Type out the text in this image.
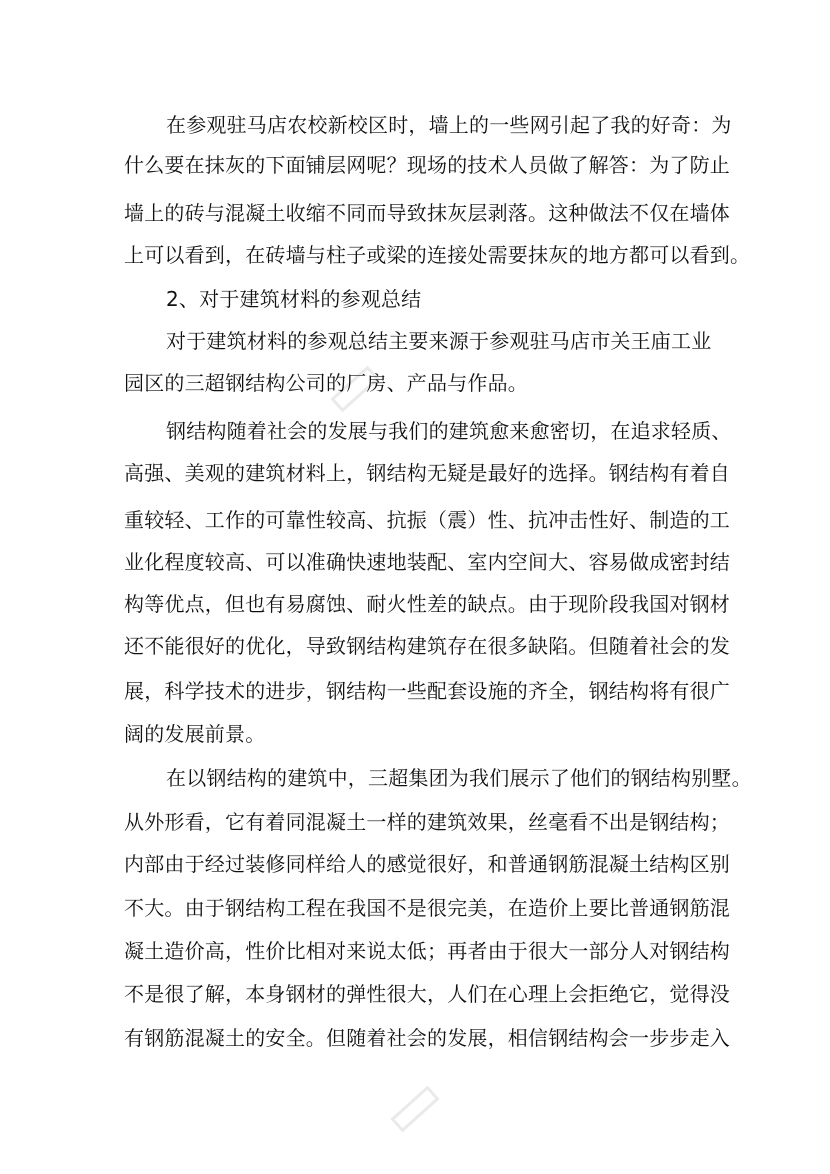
在参观驻马店农校新校区时，墙上的一些网引起了我的好奇：为
什么要在抹灰的下面铺层网呢？现场的技术人员做了解答：为了防止
墙上的砖与混凝土收缩不同而导致抹灰层剥落。这种做法不仅在墙体
上可以看到，在砖墙与柱子或梁的连接处需要抹灰的地方都可以看到。
2、对于建筑材料的参观总结
对于建筑材料的参观总结主要来源于参观驻马店市关王庙工业
园区的三超钢结构公司的厂房、产品与作品。
钢结构随着社会的发展与我们的建筑愈来愈密切，在追求轻质、
高强、美观的建筑材料上，钢结构无疑是最好的选择。钢结构有着自
重较轻、工作的可靠性较高、抗振（震）性、抗冲击性好、制造的工
业化程度较高、可以准确快速地装配、室内空间大、容易做成密封结
构等优点，但也有易腐蚀、耐火性差的缺点。由于现阶段我国对钢材
还不能很好的优化，导致钢结构建筑存在很多缺陷。但随着社会的发
展，科学技术的进步，钢结构一些配套设施的齐全，钢结构将有很广
阔的发展前景。
在以钢结构的建筑中，三超集团为我们展示了他们的钢结构别墅。
从外形看，它有着同混凝土一样的建筑效果，丝毫看不出是钢结构；
内部由于经过装修同样给人的感觉很好，和普通钢筋混凝土结构区别
不大。由于钢结构工程在我国不是很完美，在造价上要比普通钢筋混
凝土造价高，性价比相对来说太低；再者由于很大一部分人对钢结构
不是很了解，本身钢材的弹性很大，人们在心理上会拒绝它，觉得没
有钢筋混凝土的安全。但随着社会的发展，相信钢结构会一步步走入
